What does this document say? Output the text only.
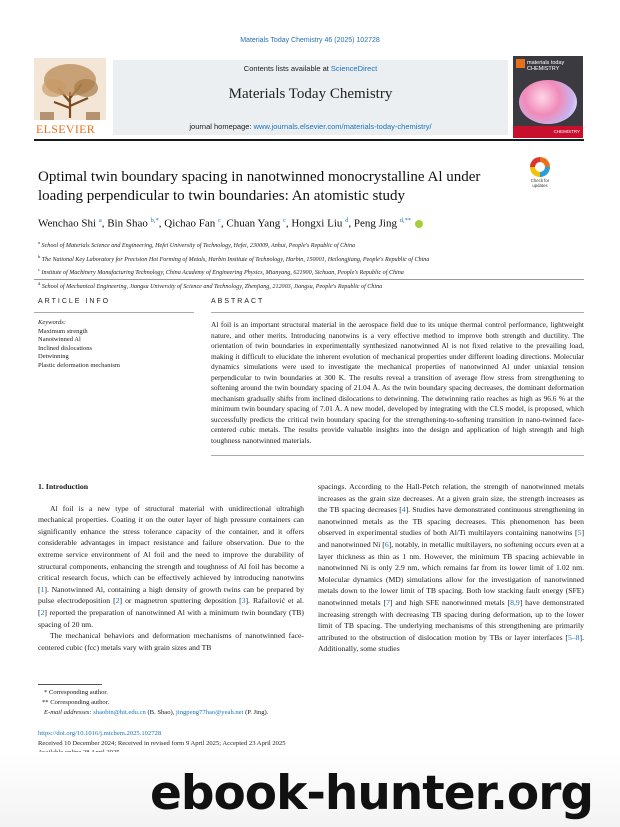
Materials Today Chemistry 46 (2025) 102728
ELSEVIER
Contents lists available at ScienceDirect
Materials Today Chemistry
journal homepage: www.journals.elsevier.com/materials-today-chemistry/
materials today CHEMISTRY
CHEMISTRY
Optimal twin boundary spacing in nanotwinned monocrystalline Al under loading perpendicular to twin boundaries: An atomistic study
Check for updates
Wenchao Shi $^a$, Bin Shao $^{b,*}$, Qichao Fan $^c$, Chuan Yang $^c$, Hongxi Liu $^d$, Peng Jing $^{d,**}$
$^a$ School of Materials Science and Engineering, Hefei University of Technology, Hefei, 230009, Anhui, People's Republic of China
$^b$ The National Key Laboratory for Precision Hot Forming of Metals, Harbin Institute of Technology, Harbin, 150001, Heilongjiang, People's Republic of China
$^c$ Institute of Machinery Manufacturing Technology, China Academy of Engineering Physics, Mianyang, 621900, Sichuan, People's Republic of China
$^d$ School of Mechanical Engineering, Jiangsu University of Science and Technology, Zhenjiang, 212003, Jiangsu, People's Republic of China
ARTICLE INFO	ABSTRACT
Keywords:
Maximum strength
Nanotwinned Al
Inclined dislocations
Detwinning
Plastic deformation mechanism
Al foil is an important structural material in the aerospace field due to its unique thermal control performance, lightweight nature, and other merits. Introducing nanotwins is a very effective method to improve both strength and ductility. The orientation of twin boundaries in experimentally synthesized nanotwinned Al is not fixed relative to the prevailing load, making it difficult to elucidate the inherent evolution of mechanical properties under different loading directions. Molecular dynamics simulations were used to investigate the mechanical properties of nanotwinned Al under uniaxial tension perpendicular to twin boundaries at 300 K. The results reveal a transition of average flow stress from strengthening to softening around the twin boundary spacing of 21.04 Å. As the twin boundary spacing decreases, the dominant deformation mechanism gradually shifts from inclined dislocations to detwinning. The detwinning ratio reaches as high as 96.6 % at the minimum twin boundary spacing of 7.01 Å. A new model, developed by integrating with the CLS model, is proposed, which successfully predicts the critical twin boundary spacing for the strengthening-to-softening transition in nano-twinned face-centered cubic metals. The results provide valuable insights into the design and application of high strength and high toughness nanotwinned materials.
1. Introduction

Al foil is a new type of structural material with unidirectional ultrahigh mechanical properties. Coating it on the outer layer of high pressure containers can significantly enhance the stress tolerance capacity of the container, and it offers considerable advantages in impact resistance and failure observation. Due to the extreme service environment of Al foil and the need to improve the durability of structural components, enhancing the strength and toughness of Al foil has become a critical research focus, which can be effectively achieved by introducing nanotwins [1]. Nanotwinned Al, containing a high density of growth twins can be prepared by pulse electrodeposition [2] or magnetron sputtering deposition [3]. Rafailović et al. [2] reported the preparation of nanotwinned Al with a minimum twin boundary (TB) spacing of 20 nm.

The mechanical behaviors and deformation mechanisms of nanotwinned face-centered cubic (fcc) metals vary with grain sizes and TB

spacings. According to the Hall-Petch relation, the strength of nanotwinned metals increases as the grain size decreases. At a given grain size, the strength increases as the TB spacing decreases [4]. Studies have demonstrated continuous strengthening in nanotwinned metals as the TB spacing decreases. This phenomenon has been observed in experimental studies of both Al/Ti multilayers containing nanotwins [5] and nanotwinned Ni [6], notably, in metallic multilayers, no softening occurs even at a layer thickness as thin as 1 nm. However, the minimum TB spacing achievable in nanotwinned Ni is only 2.9 nm, which remains far from its lower limit of 1.02 nm. Molecular dynamics (MD) simulations allow for the investigation of nanotwinned metals down to the lower limit of TB spacing. Both low stacking fault energy (SFE) nanotwinned metals [7] and high SFE nanotwinned metals [8,9] have demonstrated increasing strength with decreasing TB spacing during deformation, up to the lower limit of TB spacing. The underlying mechanisms of this strengthening are primarily attributed to the obstruction of dislocation motion by TBs or layer interfaces [5–8]. Additionally, some studies

* Corresponding author.
** Corresponding author.
E-mail addresses: shaobin@hit.edu.cn (B. Shao), jingpeng77hao@yeah.net (P. Jing).
https://doi.org/10.1016/j.mtchem.2025.102728
Received 10 December 2024; Received in revised form 9 April 2025; Accepted 23 April 2025
ebook-hunter.org
